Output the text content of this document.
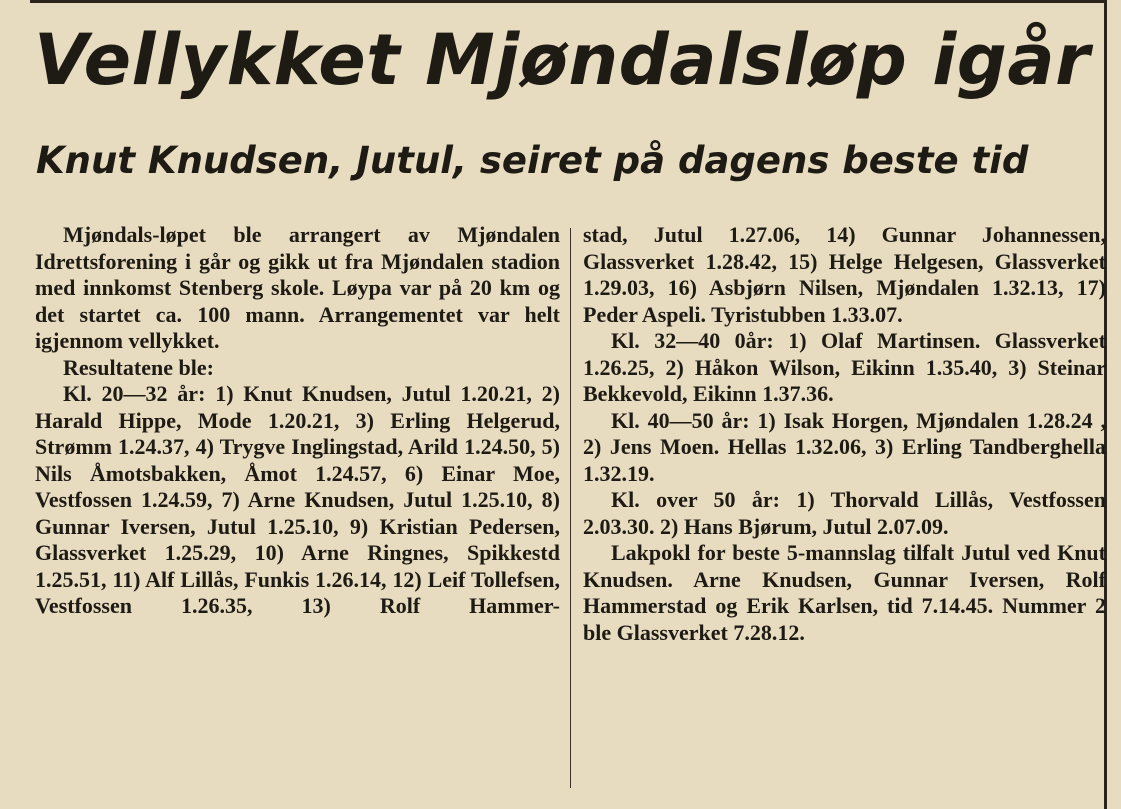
Vellykket Mjøndalsløp igår
Knut Knudsen, Jutul, seiret på dagens beste tid

Mjøndals-løpet ble arrangert av Mjøndalen Idrettsforening i går og gikk ut fra Mjøndalen stadion med innkomst Stenberg skole. Løypa var på 20 km og det startet ca. 100 mann. Arrangementet var helt igjennom vellykket.

Resultatene ble:

Kl. 20—32 år: 1) Knut Knudsen, Jutul 1.20.21, 2) Harald Hippe, Mode 1.20.21, 3) Erling Helgerud, Strømm 1.24.37, 4) Trygve Inglingstad, Arild 1.24.50, 5) Nils Åmotsbakken, Åmot 1.24.57, 6) Einar Moe, Vestfossen 1.24.59, 7) Arne Knudsen, Jutul 1.25.10, 8) Gunnar Iversen, Jutul 1.25.10, 9) Kristian Pedersen, Glassverket 1.25.29, 10) Arne Ringnes, Spikkestd 1.25.51, 11) Alf Lillås, Funkis 1.26.14, 12) Leif Tollefsen, Vestfossen 1.26.35, 13) Rolf Hammer-

stad, Jutul 1.27.06, 14) Gunnar Johannessen, Glassverket 1.28.42, 15) Helge Helgesen, Glassverket 1.29.03, 16) Asbjørn Nilsen, Mjøndalen 1.32.13, 17) Peder Aspeli. Tyristubben 1.33.07.

Kl. 32—40 0år: 1) Olaf Martinsen. Glassverket 1.26.25, 2) Håkon Wilson, Eikinn 1.35.40, 3) Steinar Bekkevold, Eikinn 1.37.36.

Kl. 40—50 år: 1) Isak Horgen, Mjøndalen 1.28.24 , 2) Jens Moen. Hellas 1.32.06, 3) Erling Tandberghella 1.32.19.

Kl. over 50 år: 1) Thorvald Lillås, Vestfossen 2.03.30. 2) Hans Bjørum, Jutul 2.07.09.

Lakpokl for beste 5-mannslag tilfalt Jutul ved Knut Knudsen. Arne Knudsen, Gunnar Iversen, Rolf Hammerstad og Erik Karlsen, tid 7.14.45. Nummer 2 ble Glassverket 7.28.12.
